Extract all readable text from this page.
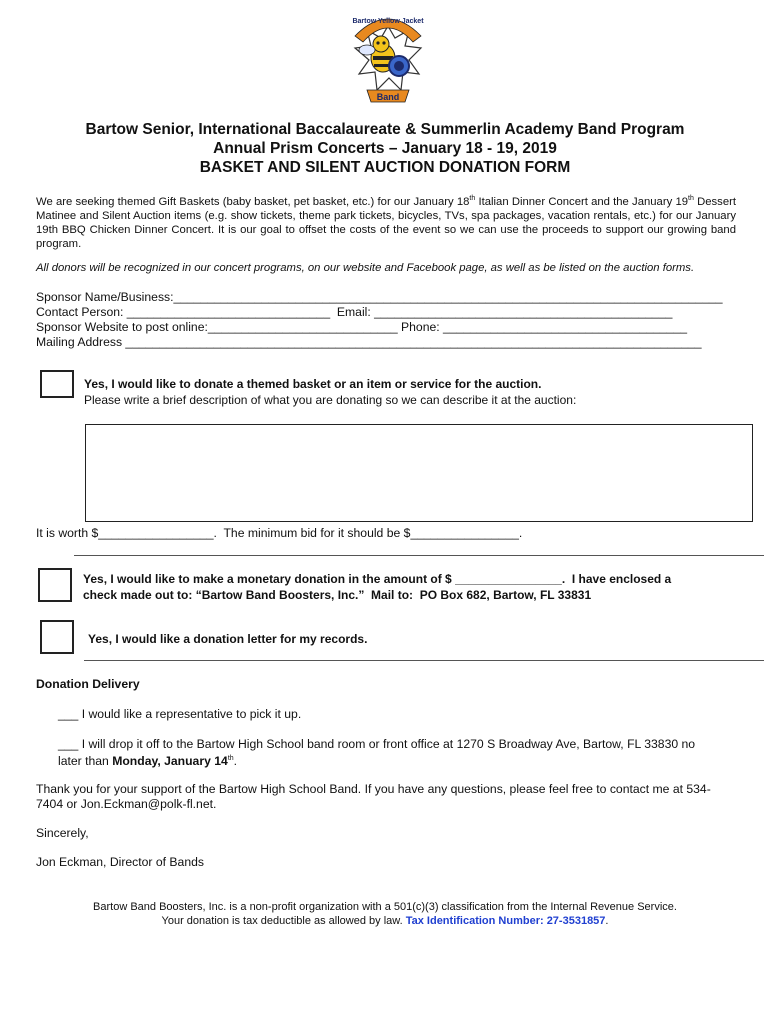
Band
Bartow Yellow Jacket
Bartow Senior, International Baccalaureate & Summerlin Academy Band Program
Annual Prism Concerts – January 18 - 19, 2019
BASKET AND SILENT AUCTION DONATION FORM
We are seeking themed Gift Baskets (baby basket, pet basket, etc.) for our January 18th Italian Dinner Concert and the January 19th Dessert Matinee and Silent Auction items (e.g. show tickets, theme park tickets, bicycles, TVs, spa packages, vacation rentals, etc.) for our January 19th BBQ Chicken Dinner Concert. It is our goal to offset the costs of the event so we can use the proceeds to support our growing band program.
All donors will be recognized in our concert programs, on our website and Facebook page, as well as be listed on the auction forms.
Sponsor Name/Business:_________________________________________________________________________________
Contact Person: ______________________________  Email: ____________________________________________
Sponsor Website to post online:____________________________ Phone: ____________________________________
Mailing Address _____________________________________________________________________________________
Yes, I would like to donate a themed basket or an item or service for the auction.
Please write a brief description of what you are donating so we can describe it at the auction:
It is worth $_________________.  The minimum bid for it should be $________________.
Yes, I would like to make a monetary donation in the amount of $ ________________.  I have enclosed a
check made out to: “Bartow Band Boosters, Inc.”  Mail to:  PO Box 682, Bartow, FL 33831
Yes, I would like a donation letter for my records.
Donation Delivery
___ I would like a representative to pick it up.
___ I will drop it off to the Bartow High School band room or front office at 1270 S Broadway Ave, Bartow, FL 33830 no
later than Monday, January 14th.
Thank you for your support of the Bartow High School Band. If you have any questions, please feel free to contact me at 534-
7404 or Jon.Eckman@polk-fl.net.
Sincerely,
Jon Eckman, Director of Bands
Bartow Band Boosters, Inc. is a non-profit organization with a 501(c)(3) classification from the Internal Revenue Service.
Your donation is tax deductible as allowed by law. Tax Identification Number: 27-3531857.
